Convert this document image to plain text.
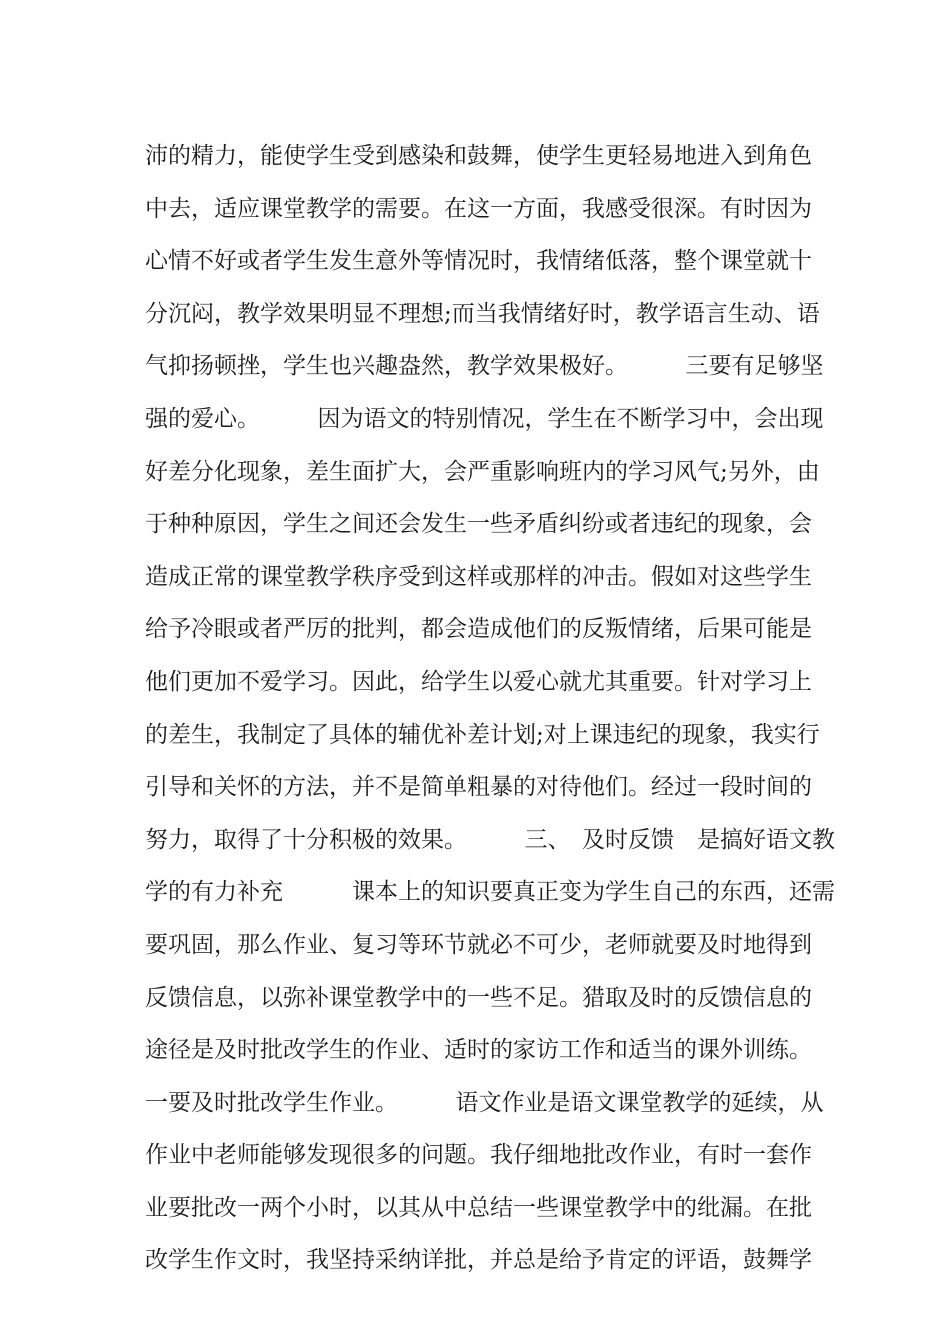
沛的精力，能使学生受到感染和鼓舞，使学生更轻易地进入到角色
中去，适应课堂教学的需要。在这一方面，我感受很深。有时因为
心情不好或者学生发生意外等情况时，我情绪低落，整个课堂就十
分沉闷，教学效果明显不理想;而当我情绪好时，教学语言生动、语
气抑扬顿挫，学生也兴趣盎然，教学效果极好。　　　三要有足够坚
强的爱心。　　　因为语文的特别情况，学生在不断学习中，会出现
好差分化现象，差生面扩大，会严重影响班内的学习风气;另外，由
于种种原因，学生之间还会发生一些矛盾纠纷或者违纪的现象，会
造成正常的课堂教学秩序受到这样或那样的冲击。假如对这些学生
给予冷眼或者严厉的批判，都会造成他们的反叛情绪，后果可能是
他们更加不爱学习。因此，给学生以爱心就尤其重要。针对学习上
的差生，我制定了具体的辅优补差计划;对上课违纪的现象，我实行
引导和关怀的方法，并不是简单粗暴的对待他们。经过一段时间的
努力，取得了十分积极的效果。　　　三、　及时反馈　是搞好语文教
学的有力补充　　　课本上的知识要真正变为学生自己的东西，还需
要巩固，那么作业、复习等环节就必不可少，老师就要及时地得到
反馈信息，以弥补课堂教学中的一些不足。猎取及时的反馈信息的
途径是及时批改学生的作业、适时的家访工作和适当的课外训练。
一要及时批改学生作业。　　　语文作业是语文课堂教学的延续，从
作业中老师能够发现很多的问题。我仔细地批改作业，有时一套作
业要批改一两个小时，以其从中总结一些课堂教学中的纰漏。在批
改学生作文时，我坚持采纳详批，并总是给予肯定的评语，鼓舞学
